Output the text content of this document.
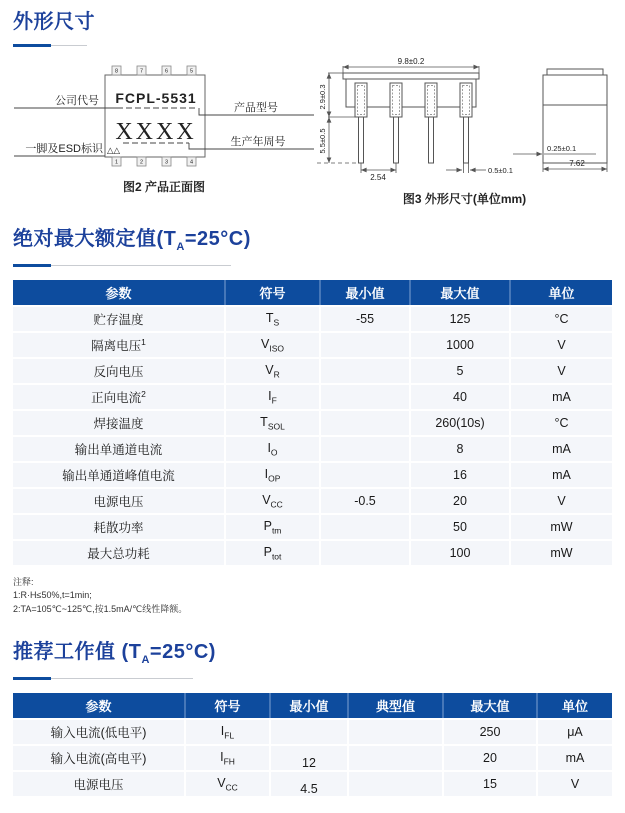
外形尺寸
8	7	6	5
1	2	3	4
FCPL-5531
XXXX
△△
公司代号
产品型号
生产年周号
一脚及ESD标识
图2 产品正面图
9.8±0.2
2.9±0.3
5.5±0.5
2.54
0.5±0.1
0.25±0.1
7.62
图3 外形尺寸(单位mm)
绝对最大额定值$(T_A=25^\circ C)$
参数	符号	最小值	最大值	单位
贮存温度	$T_S$	-55	125	°C
隔离电压$^1$	$V_{ISO}$		1000	V
反向电压	$V_R$		5	V
正向电流$^2$	$I_F$		40	mA
焊接温度	$T_{SOL}$		260(10s)	°C
输出单通道电流	$I_O$		8	mA
输出单通道峰值电流	$I_{OP}$		16	mA
电源电压	$V_{CC}$	-0.5	20	V
耗散功率	$P_{tm}$		50	mW
最大总功耗	$P_{tot}$		100	mW
注释:
1:R·H≤50%,t=1min;
2:TA=105℃~125℃,按1.5mA/℃线性降额。
推荐工作值 $(T_A=25^\circ C)$
参数	符号	最小值	典型值	最大值	单位
输入电流(低电平)	$I_{FL}$			250	μA
输入电流(高电平)	$I_{FH}$	12		20	mA
电源电压	$V_{CC}$	4.5		15	V
